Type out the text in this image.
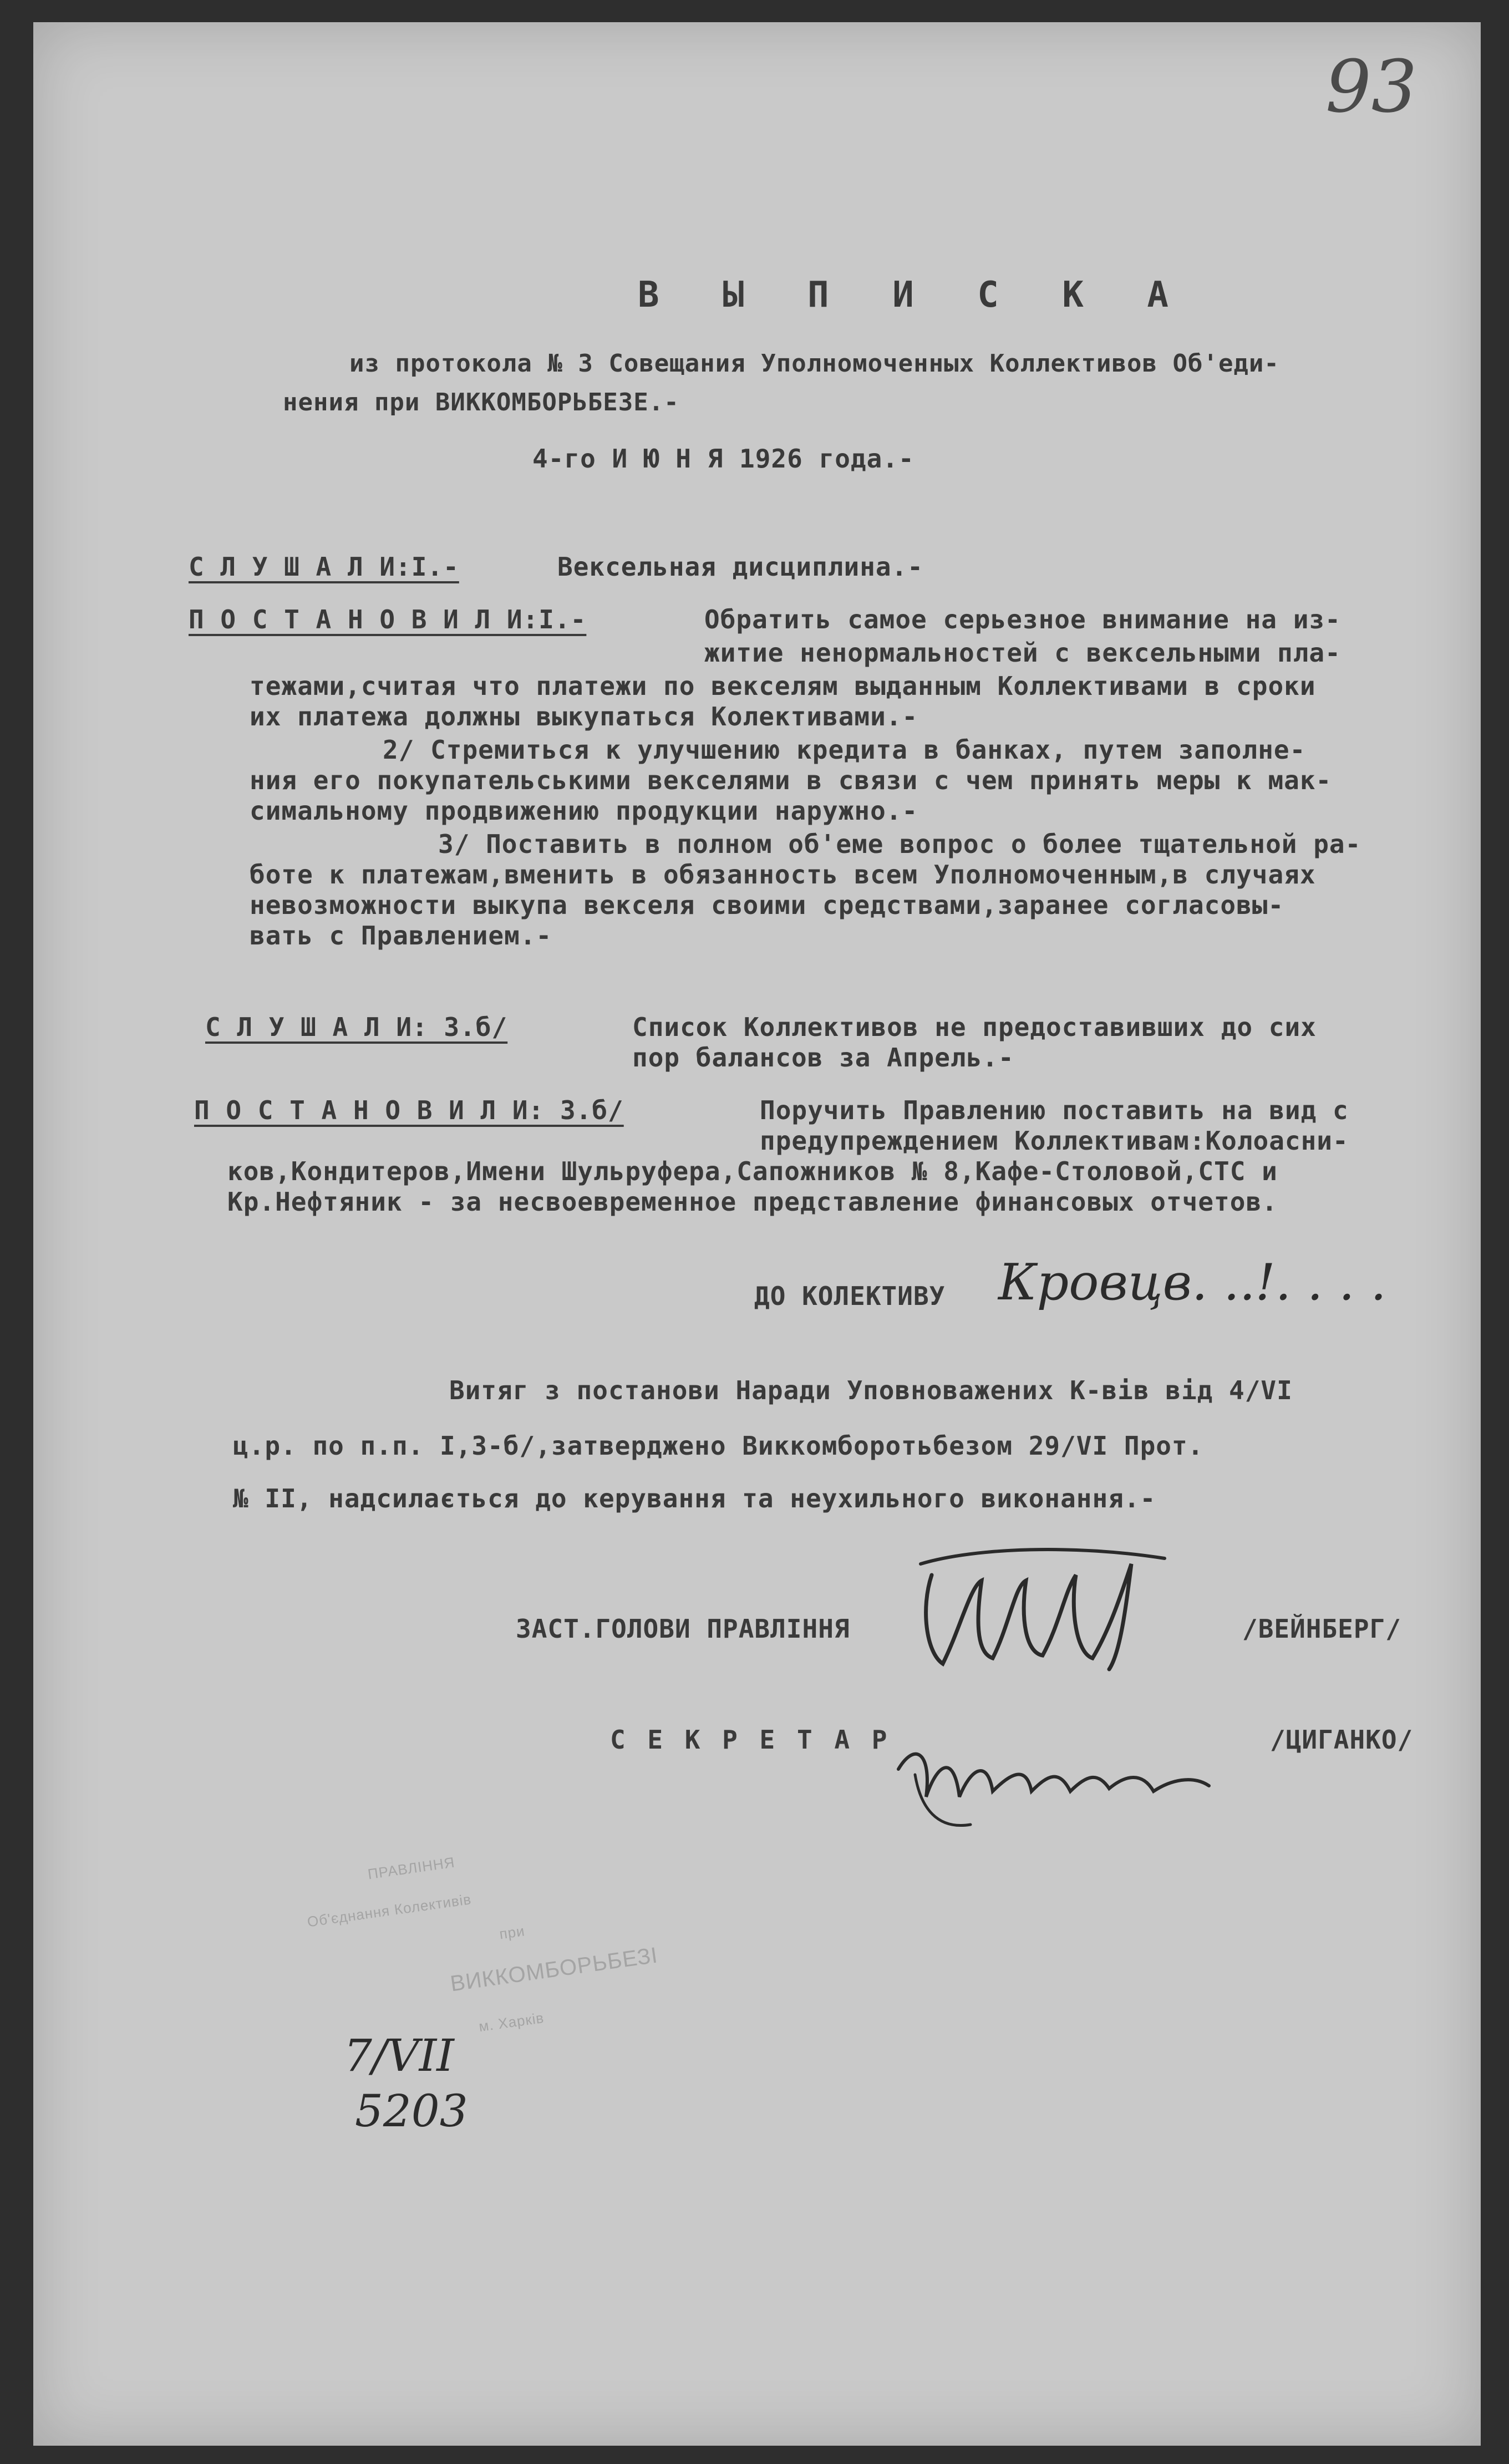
93
В Ы П И С К А
из протокола № 3 Совещания Уполномоченных Коллективов Об'еди-
нения при ВИККОМБОРЬБЕЗЕ.-
4-го И Ю Н Я 1926 года.-
С Л У Ш А Л И:I.-	Вексельная дисциплина.-
П О С Т А Н О В И Л И:I.-	Обратить самое серьезное внимание на из-
житие ненормальностей с вексельными пла-
тежами,считая что платежи по векселям выданным Коллективами в сроки
их платежа должны выкупаться Колективами.-
2/ Стремиться к улучшению кредита в банках, путем заполне-
ния его покупательськими векселями в связи с чем принять меры к мак-
симальному продвижению продукции наружно.-
3/ Поставить в полном об'еме вопрос о более тщательной ра-
боте к платежам,вменить в обязанность всем Уполномоченным,в случаях
невозможности выкупа векселя своими средствами,заранее согласовы-
вать с Правлением.-
С Л У Ш А Л И: 3.б/	Список Коллективов не предоставивших до сих
пор балансов за Апрель.-
П О С Т А Н О В И Л И: 3.б/	Поручить Правлению поставить на вид с
предупреждением Коллективам:Колоасни-
ков,Кондитеров,Имени Шульруфера,Сапожников № 8,Кафе-Столовой,СТС и
Кр.Нефтяник - за несвоевременное представление финансовых отчетов.
ДО КОЛЕКТИВУ Кровцв. ..!. . . .
Витяг з постанови Наради Уповноважених К-вів від 4/VI
ц.р. по п.п. I,3-б/,затверджено Виккомборотьбезом 29/VI Прот.
№ II, надсилається до керування та неухильного виконання.-
ЗАСТ.ГОЛОВИ ПРАВЛІННЯ	/ВЕЙНБЕРГ/
С Е К Р Е Т А Р	/ЦИГАНКО/
ПРАВЛІННЯ
Об'єднання Колективів
при
ВИККОМБОРЬБЕЗІ
м. Харків
7/VII
5203
